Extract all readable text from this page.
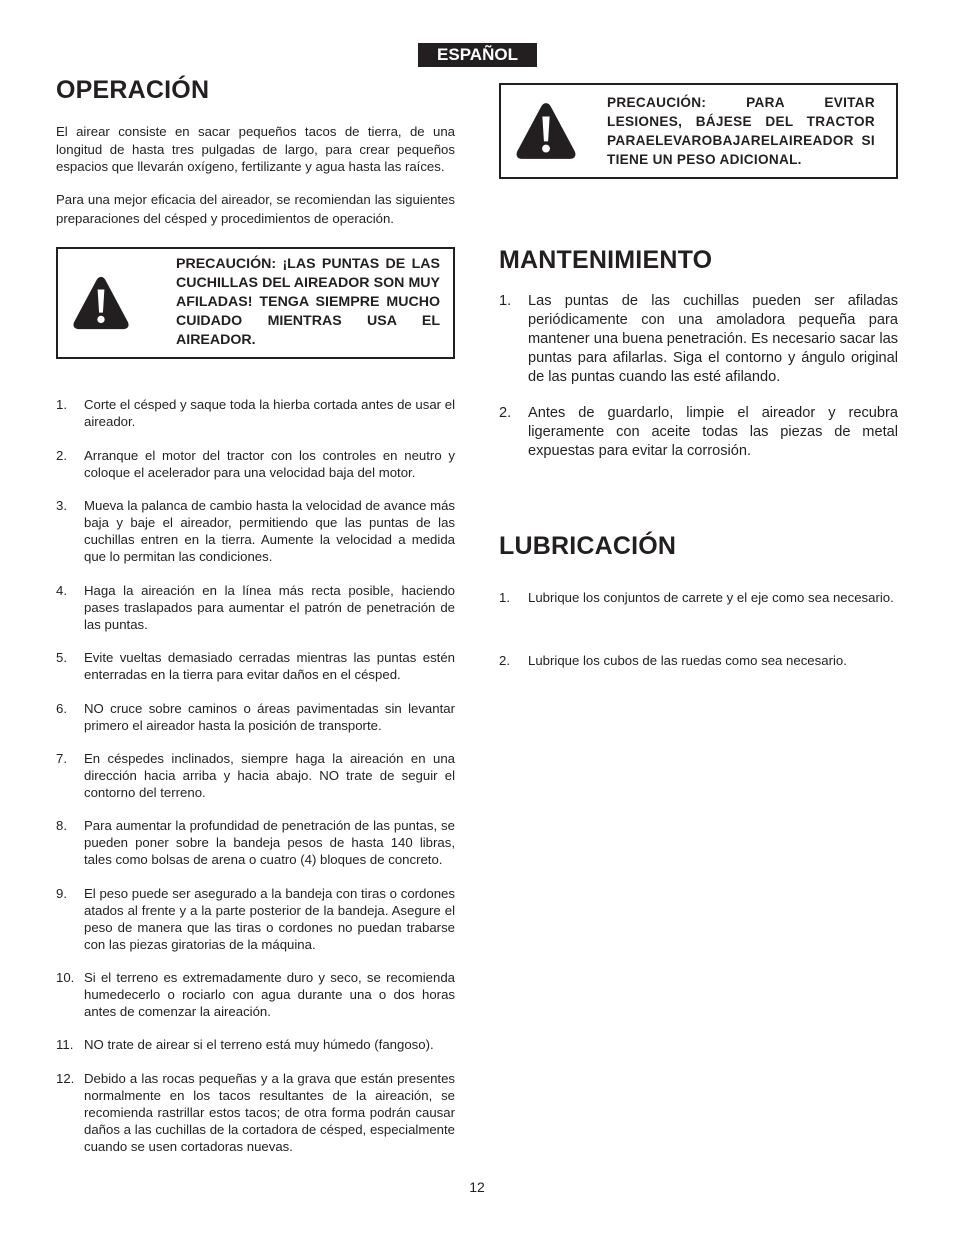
ESPAÑOL
OPERACIÓN

El airear consiste en sacar pequeños tacos de tierra, de una longitud de hasta tres pulgadas de largo, para crear pequeños espacios que llevarán oxígeno, fertilizante y agua hasta las raíces.

Para una mejor eficacia del aireador, se recomiendan las siguientes preparaciones del césped y procedimientos de operación.

PRECAUCIÓN: ¡LAS PUNTAS DE LAS CUCHILLAS DEL AIREADOR SON MUY AFILADAS! TENGA SIEMPRE MUCHO CUIDADO MIENTRAS USA EL AIREADOR.
1. Corte el césped y saque toda la hierba cortada antes de usar el aireador.
2. Arranque el motor del tractor con los controles en neutro y coloque el acelerador para una velocidad baja del motor.
3. Mueva la palanca de cambio hasta la velocidad de avance más baja y baje el aireador, permitiendo que las puntas de las cuchillas entren en la tierra. Aumente la velocidad a medida que lo permitan las condiciones.
4. Haga la aireación en la línea más recta posible, haciendo pases traslapados para aumentar el patrón de penetración de las puntas.
5. Evite vueltas demasiado cerradas mientras las puntas estén enterradas en la tierra para evitar daños en el césped.
6. NO cruce sobre caminos o áreas pavimentadas sin levantar primero el aireador hasta la posición de transporte.
7. En céspedes inclinados, siempre haga la aireación en una dirección hacia arriba y hacia abajo. NO trate de seguir el contorno del terreno.
8. Para aumentar la profundidad de penetración de las puntas, se pueden poner sobre la bandeja pesos de hasta 140 libras, tales como bolsas de arena o cuatro (4) bloques de concreto.
9. El peso puede ser asegurado a la bandeja con tiras o cordones atados al frente y a la parte posterior de la bandeja. Asegure el peso de manera que las tiras o cordones no puedan trabarse con las piezas giratorias de la máquina.
10. Si el terreno es extremadamente duro y seco, se recomienda humedecerlo o rociarlo con agua durante una o dos horas antes de comenzar la aireación.
11. NO trate de airear si el terreno está muy húmedo (fangoso).
12. Debido a las rocas pequeñas y a la grava que están presentes normalmente en los tacos resultantes de la aireación, se recomienda rastrillar estos tacos; de otra forma podrán causar daños a las cuchillas de la cortadora de césped, especialmente cuando se usen cortadoras nuevas.
PRECAUCIÓN: PARA EVITAR LESIONES, BÁJESE DEL TRACTOR PARAELEVAROBAJARELAIREADOR SI TIENE UN PESO ADICIONAL.
MANTENIMIENTO
1. Las puntas de las cuchillas pueden ser afiladas periódicamente con una amoladora pequeña para mantener una buena penetración. Es necesario sacar las puntas para afilarlas. Siga el contorno y ángulo original de las puntas cuando las esté afilando.
2. Antes de guardarlo, limpie el aireador y recubra ligeramente con aceite todas las piezas de metal expuestas para evitar la corrosión.
LUBRICACIÓN
1. Lubrique los conjuntos de carrete y el eje como sea necesario.
2. Lubrique los cubos de las ruedas como sea necesario.
12
